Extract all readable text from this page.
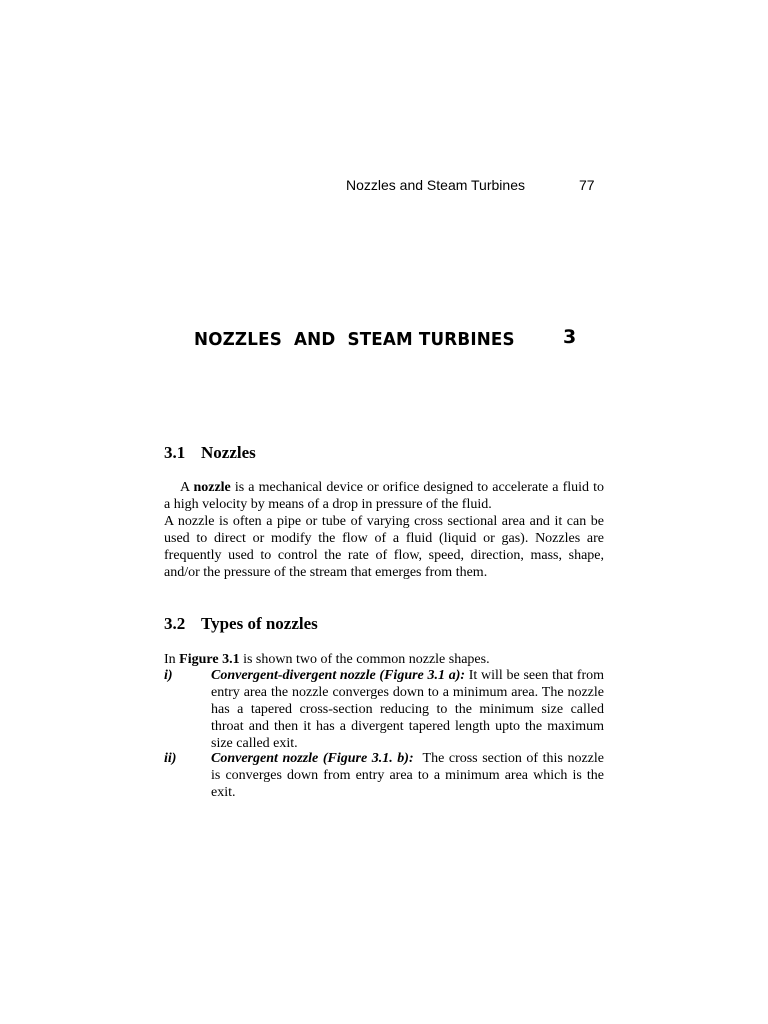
Nozzles and Steam Turbines	77
NOZZLES  AND  STEAM TURBINES	3
3.1 Nozzles

A nozzle is a mechanical device or orifice designed to accelerate a fluid to a high velocity by means of a drop in pressure of the fluid.

A nozzle is often a pipe or tube of varying cross sectional area and it can be used to direct or modify the flow of a fluid (liquid or gas). Nozzles are frequently used to control the rate of flow, speed, direction, mass, shape, and/or the pressure of the stream that emerges from them.

3.2 Types of nozzles

In Figure 3.1 is shown two of the common nozzle shapes.

i)	Convergent-divergent nozzle (Figure 3.1 a): It will be seen that from entry area the nozzle converges down to a minimum area. The nozzle has a tapered cross-section reducing to the minimum size called throat and then it has a divergent tapered length upto the maximum size called exit.
ii) Convergent nozzle (Figure 3.1. b):  The cross section of this nozzle is converges down from entry area to a minimum area which is the exit.
